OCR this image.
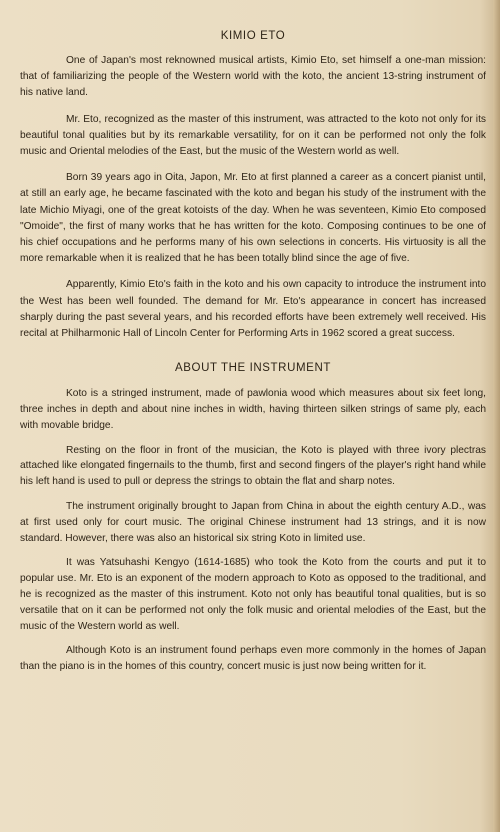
KIMIO ETO

One of Japan's most reknowned musical artists, Kimio Eto, set himself a one-man mission: that of familiarizing the people of the Western world with the koto, the ancient 13-string instrument of his native land.

Mr. Eto, recognized as the master of this instrument, was attracted to the koto not only for its beautiful tonal qualities but by its remarkable versatility, for on it can be performed not only the folk music and Oriental melodies of the East, but the music of the Western world as well.

Born 39 years ago in Oita, Japon, Mr. Eto at first planned a career as a concert pianist until, at still an early age, he became fascinated with the koto and began his study of the instrument with the late Michio Miyagi, one of the great kotoists of the day. When he was seventeen, Kimio Eto composed "Omoide", the first of many works that he has written for the koto. Composing continues to be one of his chief occupations and he performs many of his own selections in concerts. His virtuosity is all the more remarkable when it is realized that he has been totally blind since the age of five.

Apparently, Kimio Eto's faith in the koto and his own capacity to introduce the instrument into the West has been well founded. The demand for Mr. Eto's appearance in concert has increased sharply during the past several years, and his recorded efforts have been extremely well received. His recital at Philharmonic Hall of Lincoln Center for Performing Arts in 1962 scored a great success.

ABOUT THE INSTRUMENT

Koto is a stringed instrument, made of pawlonia wood which measures about six feet long, three inches in depth and about nine inches in width, having thirteen silken strings of same ply, each with movable bridge.

Resting on the floor in front of the musician, the Koto is played with three ivory plectras attached like elongated fingernails to the thumb, first and second fingers of the player's right hand while his left hand is used to pull or depress the strings to obtain the flat and sharp notes.

The instrument originally brought to Japan from China in about the eighth century A.D., was at first used only for court music. The original Chinese instrument had 13 strings, and it is now standard. However, there was also an historical six string Koto in limited use.

It was Yatsuhashi Kengyo (1614-1685) who took the Koto from the courts and put it to popular use. Mr. Eto is an exponent of the modern approach to Koto as opposed to the traditional, and he is recognized as the master of this instrument. Koto not only has beautiful tonal qualities, but is so versatile that on it can be performed not only the folk music and oriental melodies of the East, but the music of the Western world as well.

Although Koto is an instrument found perhaps even more commonly in the homes of Japan than the piano is in the homes of this country, concert music is just now being written for it.
